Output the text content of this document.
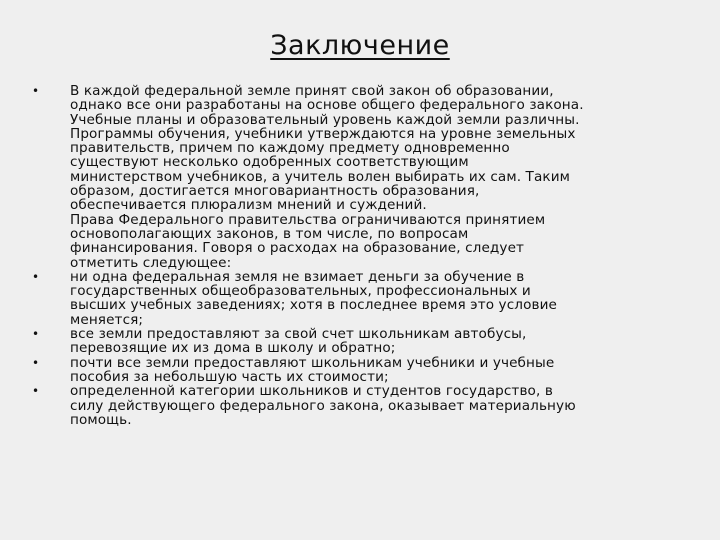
Заключение
• В каждой федеральной земле принят свой закон об образовании,
однако все они разработаны на основе общего федерального закона.
Учебные планы и образовательный уровень каждой земли различны.
Программы обучения, учебники утверждаются на уровне земельных
правительств, причем по каждому предмету одновременно
существуют несколько одобренных соответствующим
министерством учебников, а учитель волен выбирать их сам. Таким
образом, достигается многовариантность образования,
обеспечивается плюрализм мнений и суждений.
Права Федерального правительства ограничиваются принятием
основополагающих законов, в том числе, по вопросам
финансирования. Говоря о расходах на образование, следует
отметить следующее:
• ни одна федеральная земля не взимает деньги за обучение в
государственных общеобразовательных, профессиональных и
высших учебных заведениях; хотя в последнее время это условие
меняется;
• все земли предоставляют за свой счет школьникам автобусы,
перевозящие их из дома в школу и обратно;
• почти все земли предоставляют школьникам учебники и учебные
пособия за небольшую часть их стоимости;
• определенной категории школьников и студентов государство, в
силу действующего федерального закона, оказывает материальную
помощь.
